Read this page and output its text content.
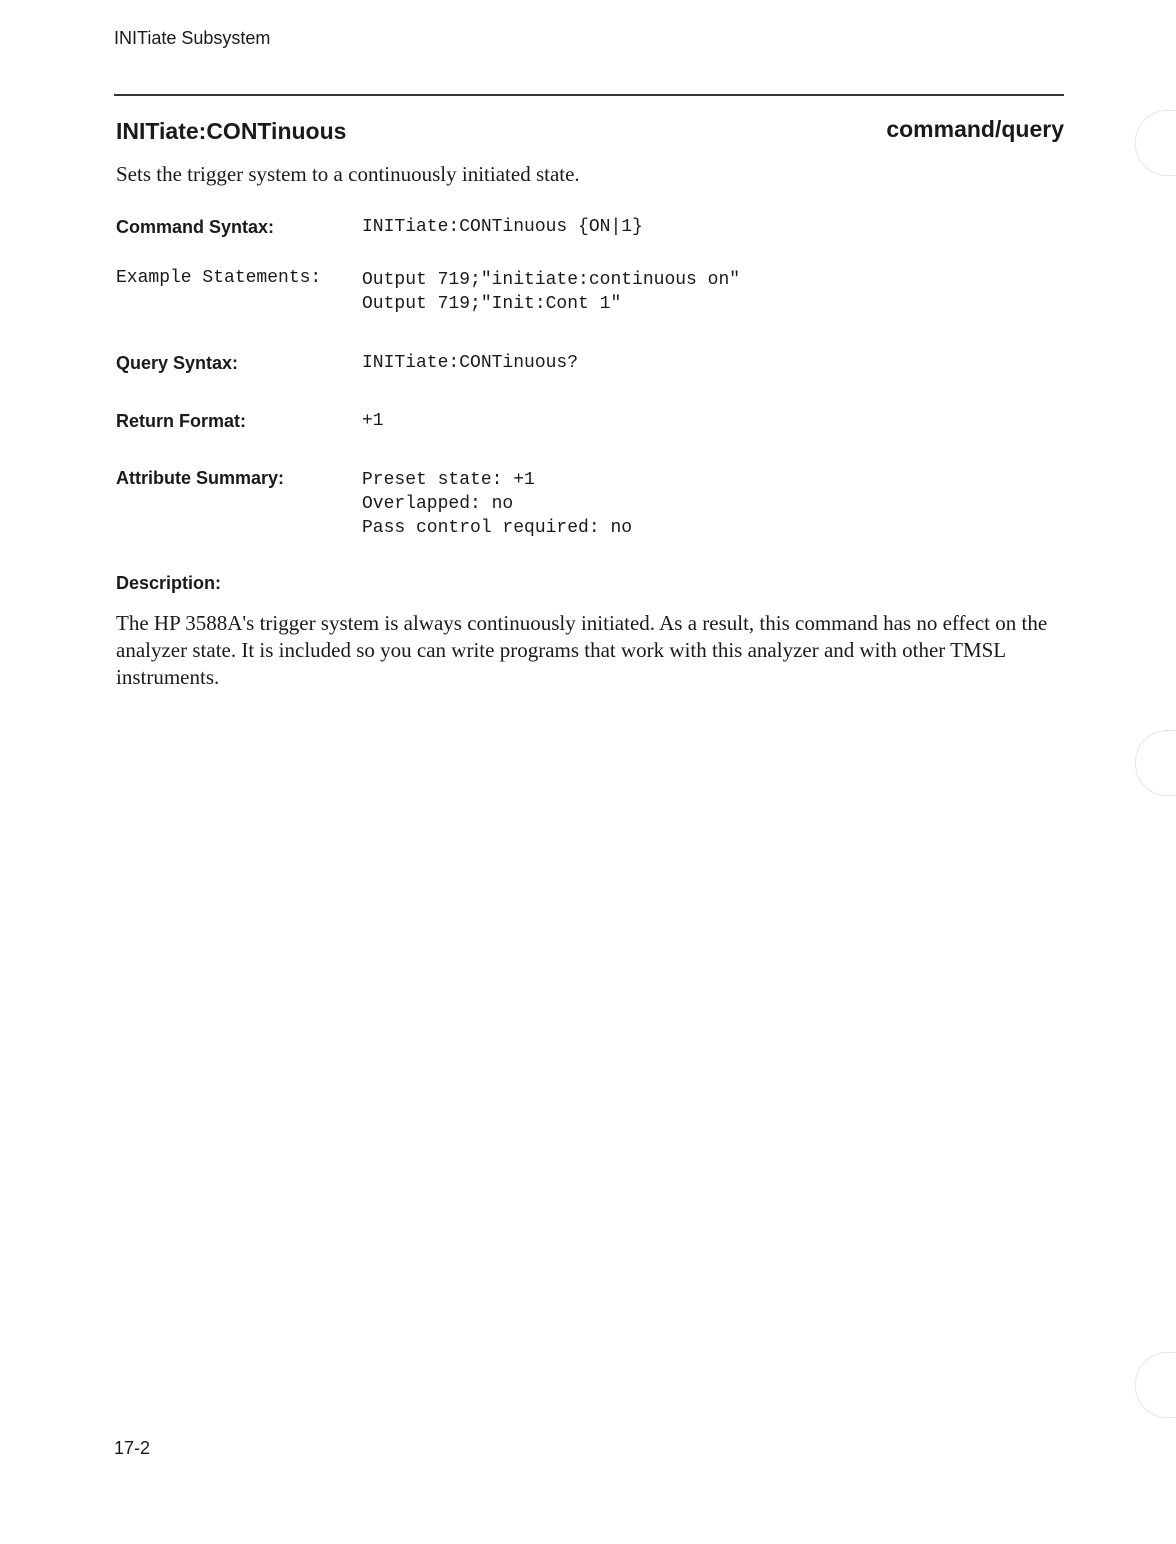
INITiate Subsystem
INITiate:CONTinuous	command/query
Sets the trigger system to a continuously initiated state.
Command Syntax:	INITiate:CONTinuous {ON|1}
Example Statements: Output 719;"initiate:continuous on"
Output 719;"Init:Cont 1"
Query Syntax:	INITiate:CONTinuous?
Return Format:	+1
Attribute Summary:	Preset state: +1
Overlapped: no
Pass control required: no
Description:
The HP 3588A's trigger system is always continuously initiated. As a result, this command has no effect on the analyzer state. It is included so you can write programs that work with this analyzer and with other TMSL instruments.
17-2
